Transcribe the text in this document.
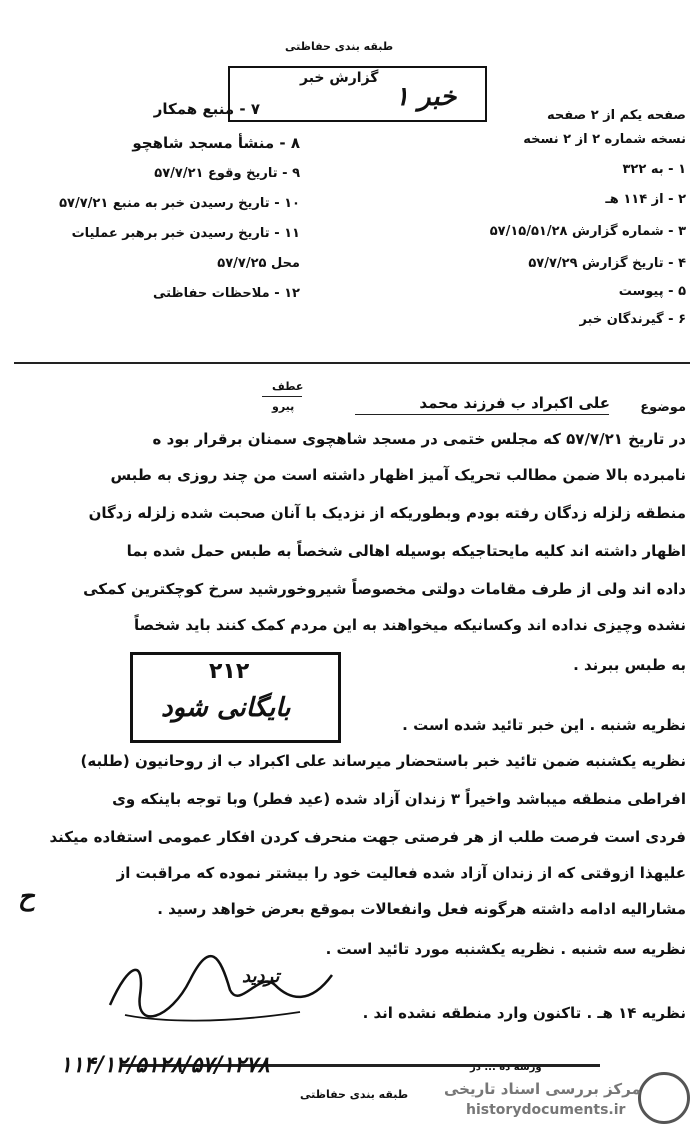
طبقه بندی حفاظتی
گزارش خبر
خبر ۱
صفحه یکم از ۲ صفحه
نسخه شماره ۲ از ۲ نسخه
۱ - به ۳۲۲
۲ - از ۱۱۴ هـ
۳ - شماره گزارش ۵۷/۱۵/۵۱/۲۸
۴ - تاریخ گزارش ۵۷/۷/۲۹
۵ - پیوست
۶ - گیرندگان خبر
۷ - منبع همکار
۸ - منشأ مسجد شاهچو
۹ - تاریخ وقوع ۵۷/۷/۲۱
۱۰ - تاریخ رسیدن خبر به منبع ۵۷/۷/۲۱
۱۱ - تاریخ رسیدن خبر برهبر عملیات
محل ۵۷/۷/۲۵
۱۲ - ملاحظات حفاظتی
عطف
پیرو	موضوع
علی اکبراد ب فرزند محمد
در تاریخ ۵۷/۷/۲۱ که مجلس ختمی در مسجد شاهچوی سمنان برقرار بود ه
نامبرده بالا ضمن مطالب تحریک آمیز اظهار داشته است من چند روزی به طبس
منطقه زلزله زدگان رفته بودم وبطوریکه از نزدیک با آنان صحبت شده زلزله زدگان
اظهار داشته اند کلیه مایحتاجیکه بوسیله اهالی شخصاً به طبس حمل شده بما
داده اند ولی از طرف مقامات دولتی مخصوصاً شیروخورشید سرخ کوچکترین کمکی
نشده وچیزی نداده اند وکسانیکه میخواهند به این مردم کمک کنند باید شخصاً
به طبس ببرند .
نظریه شنبه . این خبر تائید شده است .
نظریه یکشنبه ضمن تائید خبر باستحضار میرساند علی اکبراد ب از روحانیون (طلبه)
افراطی منطقه میباشد واخیراً ۳ زندان آزاد شده (عید فطر) وبا توجه باینکه وی
فردی است فرصت طلب از هر فرصتی جهت منحرف کردن افکار عمومی استفاده میکند
علیهذا ازوقتی که از زندان آزاد شده فعالیت خود را بیشتر نموده که مراقبت از
مشارالیه ادامه داشته هرگونه فعل وانفعالات بموقع بعرض خواهد رسید .
نظریه سه شنبه . نظریه یکشنبه مورد تائید است .
نظریه ۱۴ هـ . تاکنون وارد منطقه نشده اند .
۲۱۲
بایگانی شود
ح
ترديد
۱۱۴/۱۲/۵۱۲۸/۵۷/۱۲۷۸	ورسه ده ... در
طبقه بندی حفاظتی مرکز بررسی اسناد تاریخی
historydocuments.ir
